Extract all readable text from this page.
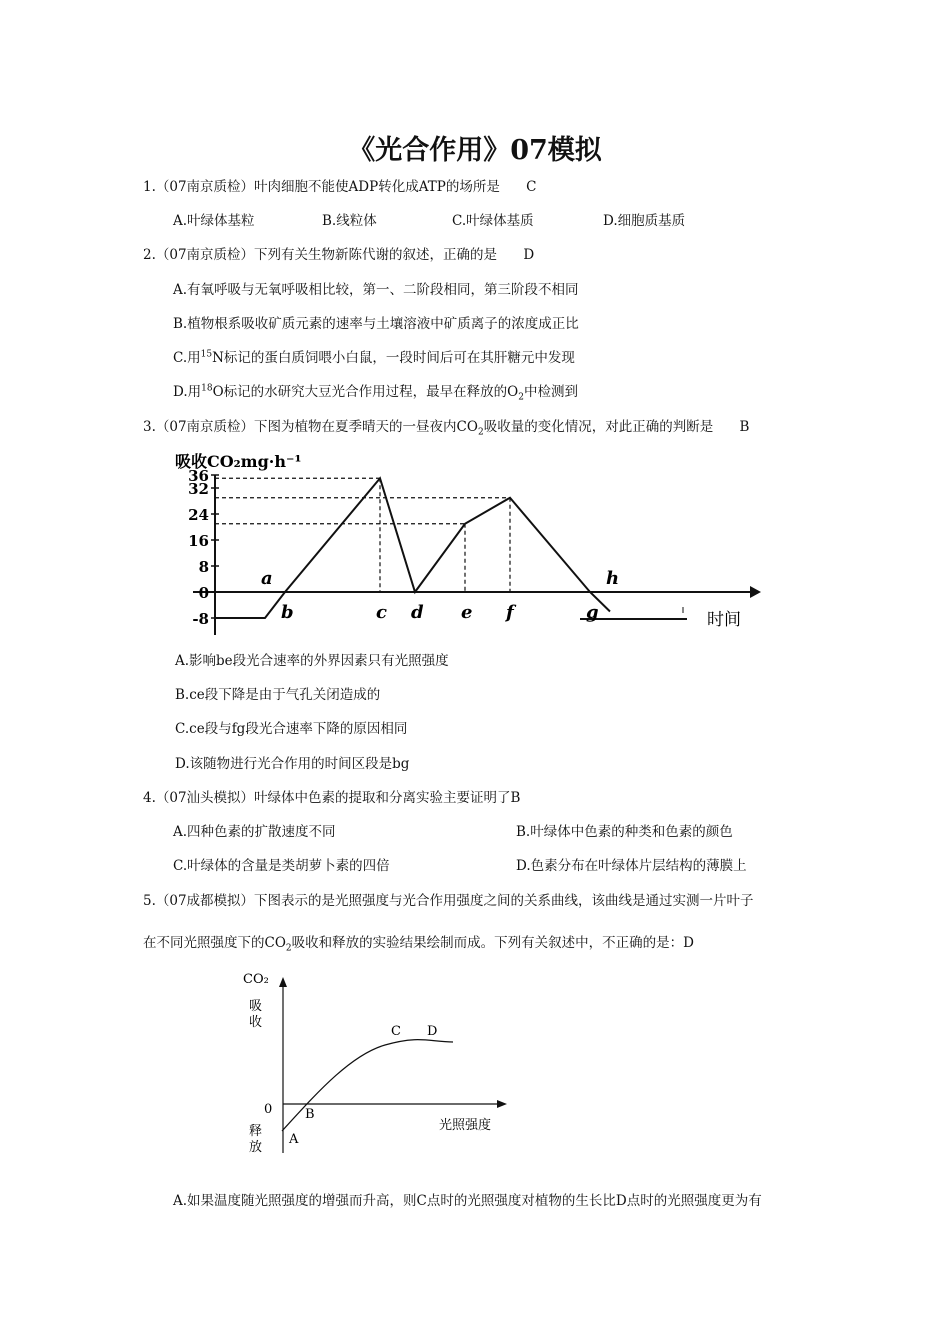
《光合作用》07模拟
1.（07南京质检）叶肉细胞不能使ADP转化成ATP的场所是 C
A.叶绿体基粒	B.线粒体	C.叶绿体基质	D.细胞质基质
2.（07南京质检）下列有关生物新陈代谢的叙述，正确的是 D
A.有氧呼吸与无氧呼吸相比较，第一、二阶段相同，第三阶段不相同
B.植物根系吸收矿质元素的速率与土壤溶液中矿质离子的浓度成正比
C.用$^{15}$N标记的蛋白质饲喂小白鼠，一段时间后可在其肝糖元中发现
D.用$^{18}$O标记的水研究大豆光合作用过程，最早在释放的$O_2$中检测到
3.（07南京质检）下图为植物在夏季晴天的一昼夜内$CO_2$吸收量的变化情况，对此正确的判断是 B
吸收CO₂mg·h⁻¹
36
32
24
16
8
0
-8
a
b	c d e f	g
h
时间
A.影响be段光合速率的外界因素只有光照强度
B.ce段下降是由于气孔关闭造成的
C.ce段与fg段光合速率下降的原因相同
D.该随物进行光合作用的时间区段是bg
4.（07汕头模拟）叶绿体中色素的提取和分离实验主要证明了B
A.四种色素的扩散速度不同	B.叶绿体中色素的种类和色素的颜色
C.叶绿体的含量是类胡萝卜素的四倍	D.色素分布在叶绿体片层结构的薄膜上
5.（07成都模拟）下图表示的是光照强度与光合作用强度之间的关系曲线，该曲线是通过实测一片叶子
在不同光照强度下的$CO_2$吸收和释放的实验结果绘制而成。下列有关叙述中，不正确的是：D
CO₂
吸
收
0
释
放
A
B
C D
光照强度
A.如果温度随光照强度的增强而升高，则C点时的光照强度对植物的生长比D点时的光照强度更为有
